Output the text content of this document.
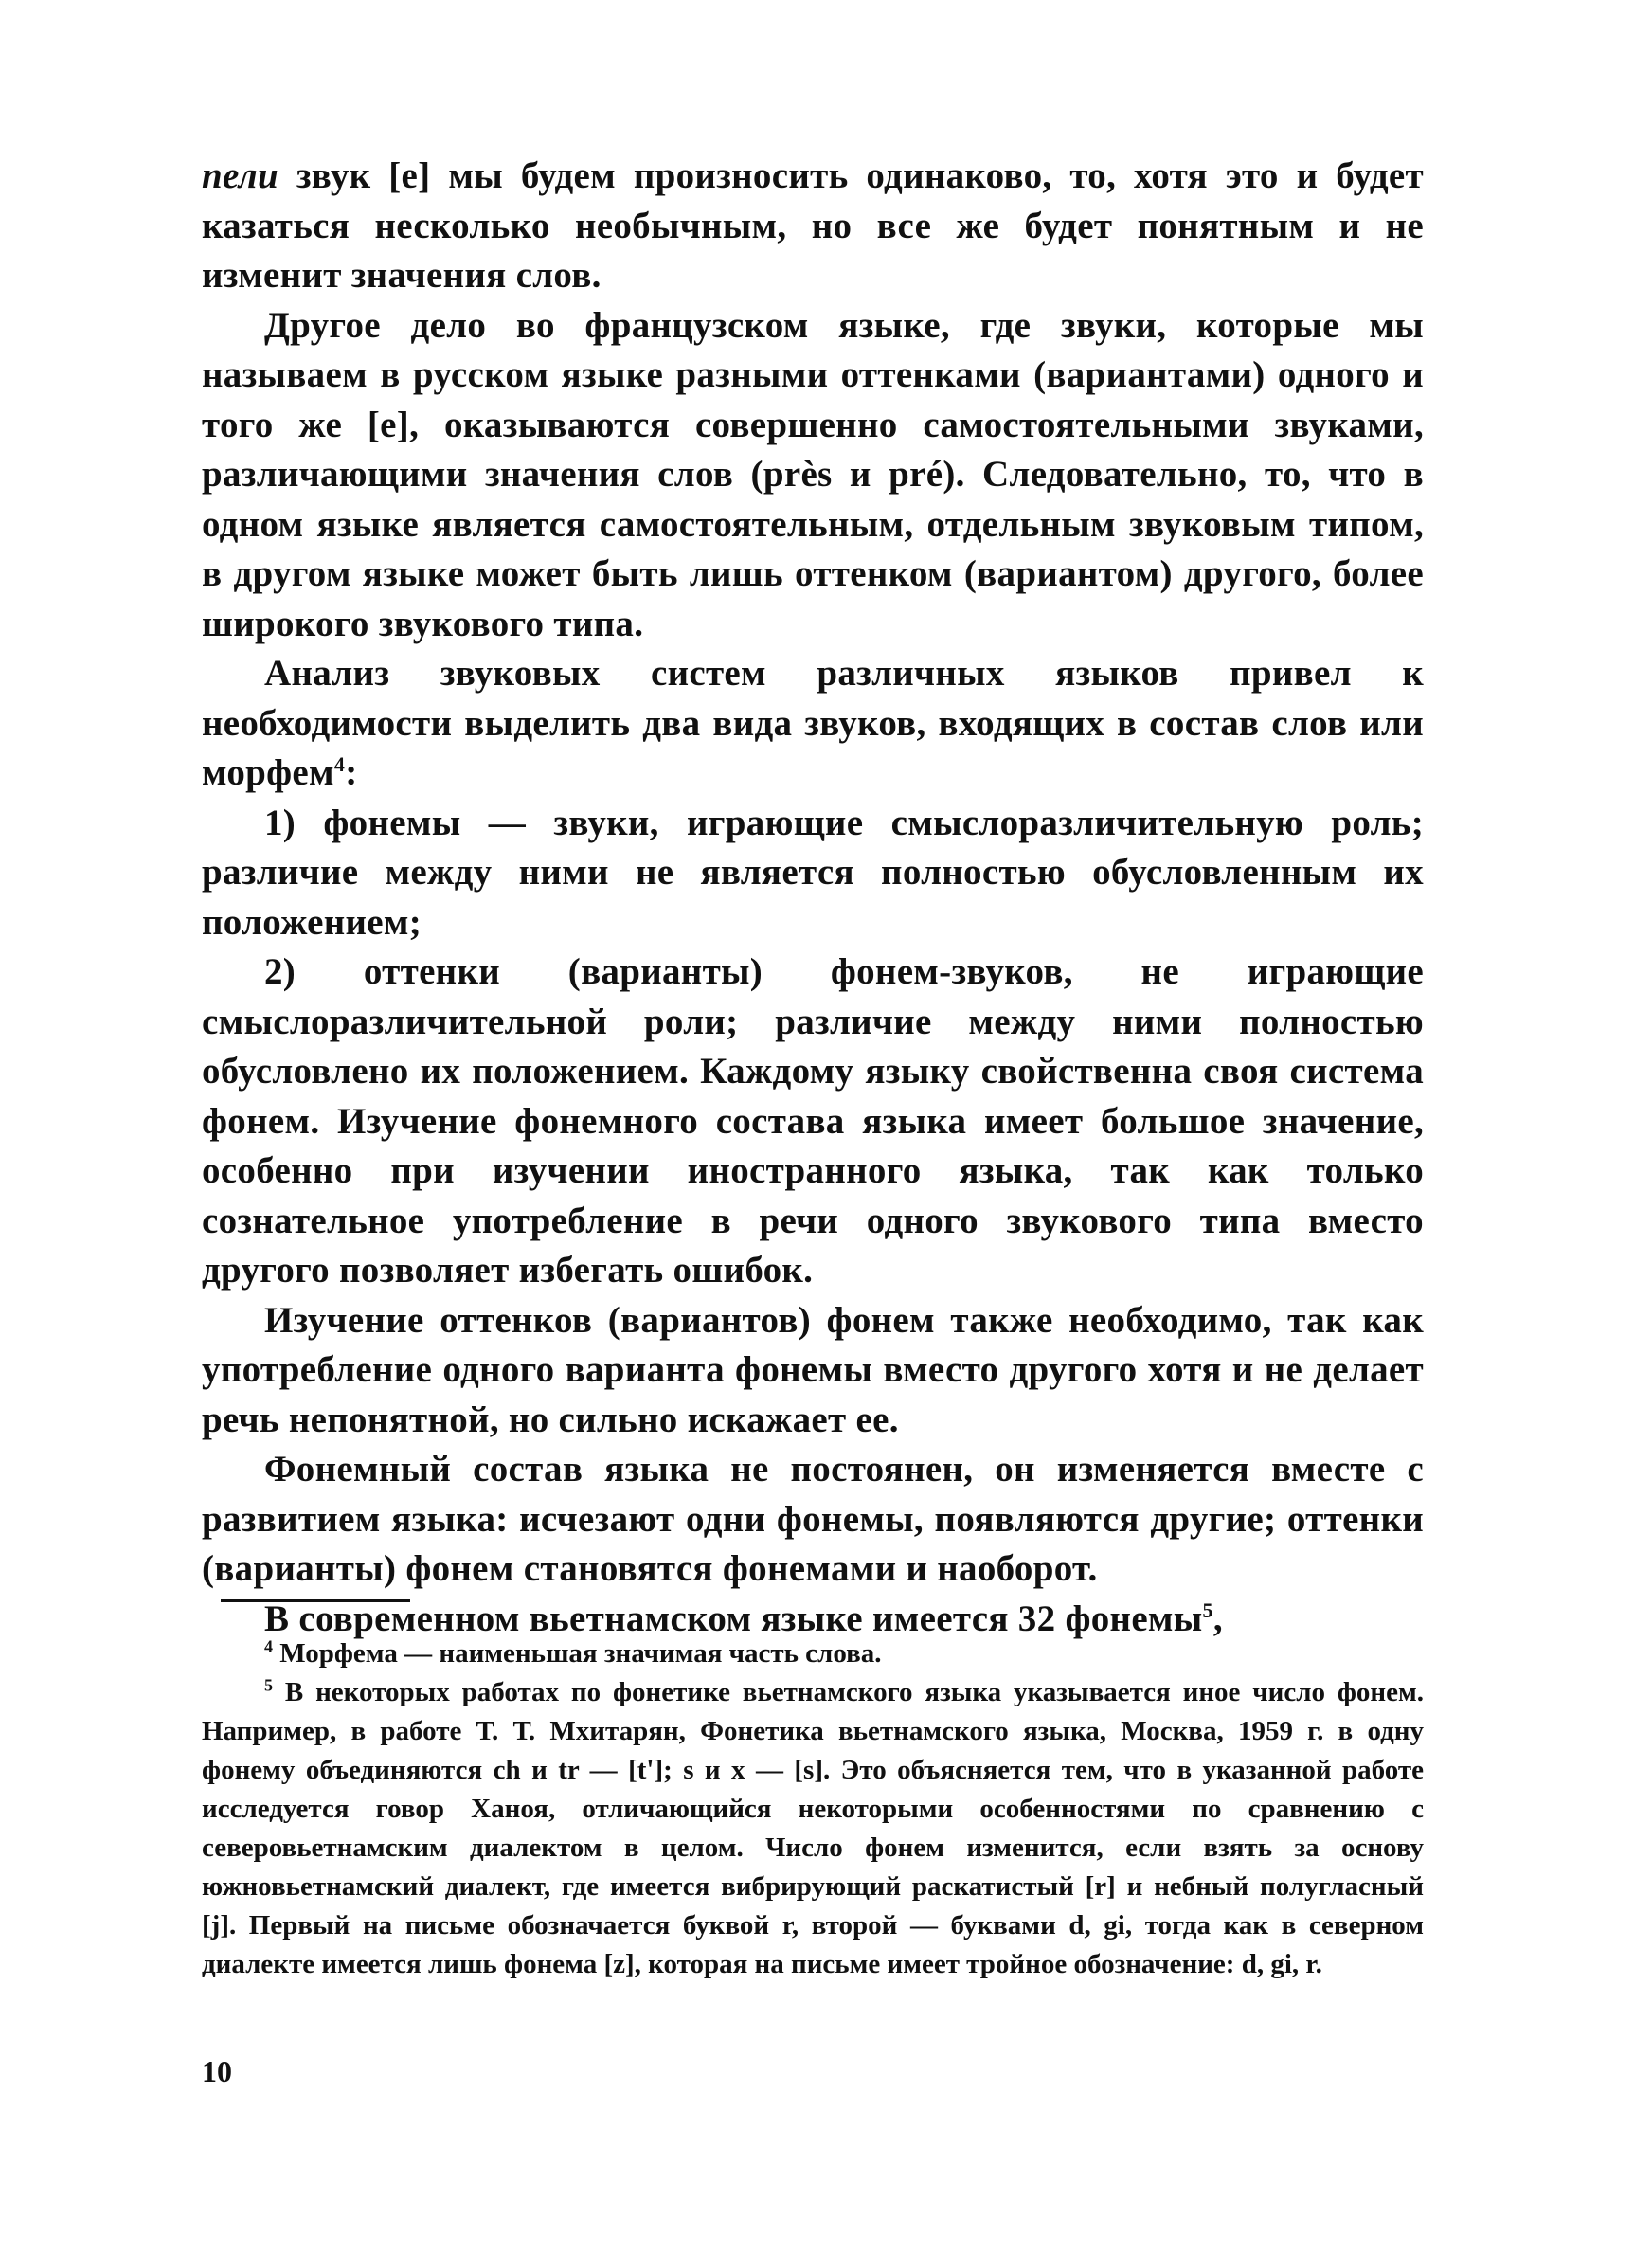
пели звук [e] мы будем произносить одинаково, то, хотя это и будет казаться несколько необычным, но все же будет понятным и не изменит значения слов.

Другое дело во французском языке, где звуки, которые мы называем в русском языке разными оттенками (вариантами) одного и того же [e], оказываются совершенно самостоятельными звуками, различающими значения слов (près и pré). Следовательно, то, что в одном языке является самостоятельным, отдельным звуковым типом, в другом языке может быть лишь оттенком (вариантом) другого, более широкого звукового типа.

Анализ звуковых систем различных языков привел к необходимости выделить два вида звуков, входящих в состав слов или морфем$^4$:

1) фонемы — звуки, играющие смыслоразличительную роль; различие между ними не является полностью обусловленным их положением;

2) оттенки (варианты) фонем-звуков, не играющие смыслоразличительной роли; различие между ними полностью обусловлено их положением. Каждому языку свойственна своя система фонем. Изучение фонемного состава языка имеет большое значение, особенно при изучении иностранного языка, так как только сознательное употребление в речи одного звукового типа вместо другого позволяет избегать ошибок.

Изучение оттенков (вариантов) фонем также необходимо, так как употребление одного варианта фонемы вместо другого хотя и не делает речь непонятной, но сильно искажает ее.

Фонемный состав языка не постоянен, он изменяется вместе с развитием языка: исчезают одни фонемы, появляются другие; оттенки (варианты) фонем становятся фонемами и наоборот.

В современном вьетнамском языке имеется 32 фонемы$^5$,

$^4$ Морфема — наименьшая значимая часть слова.

$^5$ В некоторых работах по фонетике вьетнамского языка указывается иное число фонем. Например, в работе Т. Т. Мхитарян, Фонетика вьетнамского языка, Москва, 1959 г. в одну фонему объединяются ch и tr — [t']; s и x — [s]. Это объясняется тем, что в указанной работе исследуется говор Ханоя, отличающийся некоторыми особенностями по сравнению с северовьетнамским диалектом в целом. Число фонем изменится, если взять за основу южновьетнамский диалект, где имеется вибрирующий раскатистый [r] и небный полугласный [j]. Первый на письме обозначается буквой r, второй — буквами d, gi, тогда как в северном диалекте имеется лишь фонема [z], которая на письме имеет тройное обозначение: d, gi, r.

10
